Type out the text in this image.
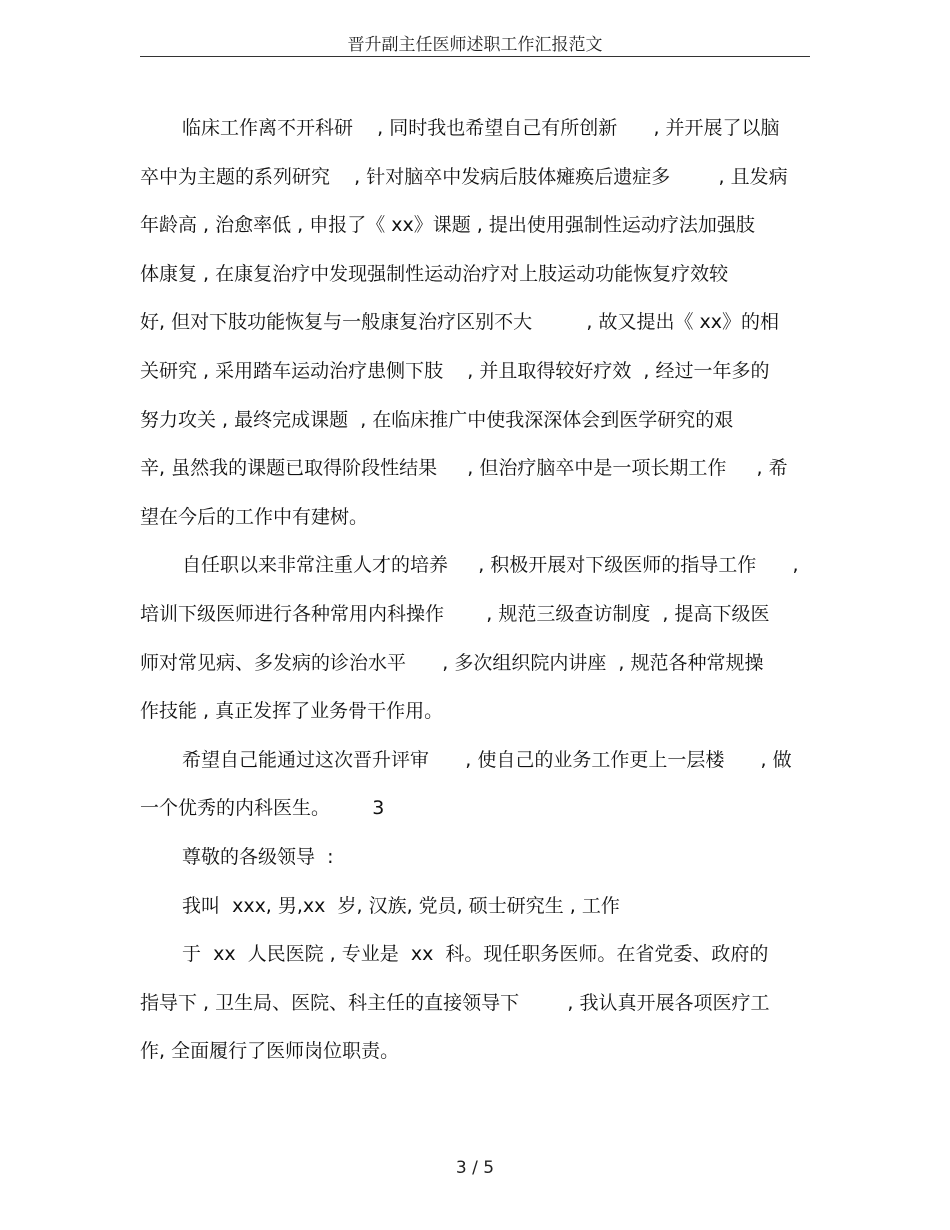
晋升副主任医师述职工作汇报范文
临床工作离不开科研    , 同时我也希望自己有所创新      , 并开展了以脑
卒中为主题的系列研究    , 针对脑卒中发病后肢体瘫痪后遗症多        , 且发病
年龄高 , 治愈率低 , 申报了《 xx》课题 , 提出使用强制性运动疗法加强肢
体康复 , 在康复治疗中发现强制性运动治疗对上肢运动功能恢复疗效较
好, 但对下肢功能恢复与一般康复治疗区别不大         , 故又提出《 xx》的相
关研究 , 采用踏车运动治疗患侧下肢    , 并且取得较好疗效  , 经过一年多的
努力攻关 , 最终完成课题  , 在临床推广中使我深深体会到医学研究的艰
辛, 虽然我的课题已取得阶段性结果     , 但治疗脑卒中是一项长期工作     , 希
望在今后的工作中有建树。
自任职以来非常注重人才的培养     , 积极开展对下级医师的指导工作      ,
培训下级医师进行各种常用内科操作       , 规范三级查访制度  , 提高下级医
师对常见病、多发病的诊治水平      , 多次组织院内讲座  , 规范各种常规操
作技能 , 真正发挥了业务骨干作用。
希望自己能通过这次晋升评审      , 使自己的业务工作更上一层楼      , 做
一个优秀的内科医生。       3
尊敬的各级领导  :
我叫  xxx, 男,xx  岁, 汉族, 党员, 硕士研究生 , 工作
于  xx  人民医院 , 专业是  xx  科。现任职务医师。在省党委、政府的
指导下 , 卫生局、医院、科主任的直接领导下        , 我认真开展各项医疗工
作, 全面履行了医师岗位职责。
3 / 5
